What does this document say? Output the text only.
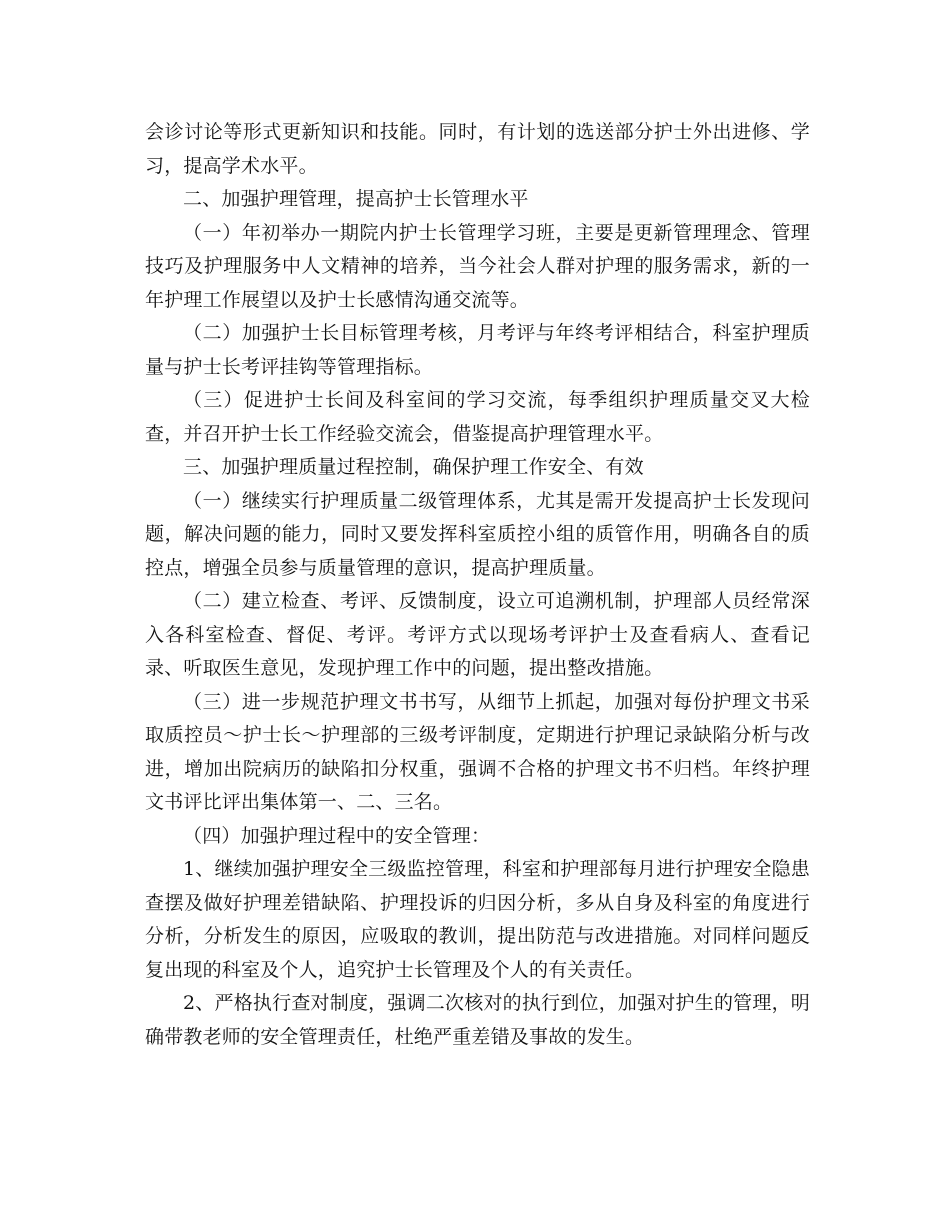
会诊讨论等形式更新知识和技能。同时，有计划的选送部分护士外出进修、学习，提高学术水平。

二、加强护理管理，提高护士长管理水平

（一）年初举办一期院内护士长管理学习班，主要是更新管理理念、管理技巧及护理服务中人文精神的培养，当今社会人群对护理的服务需求，新的一年护理工作展望以及护士长感情沟通交流等。

（二）加强护士长目标管理考核，月考评与年终考评相结合，科室护理质量与护士长考评挂钩等管理指标。

（三）促进护士长间及科室间的学习交流，每季组织护理质量交叉大检查，并召开护士长工作经验交流会，借鉴提高护理管理水平。

三、加强护理质量过程控制，确保护理工作安全、有效

（一）继续实行护理质量二级管理体系，尤其是需开发提高护士长发现问题，解决问题的能力，同时又要发挥科室质控小组的质管作用，明确各自的质控点，增强全员参与质量管理的意识，提高护理质量。

（二）建立检查、考评、反馈制度，设立可追溯机制，护理部人员经常深入各科室检查、督促、考评。考评方式以现场考评护士及查看病人、查看记录、听取医生意见，发现护理工作中的问题，提出整改措施。

（三）进一步规范护理文书书写，从细节上抓起，加强对每份护理文书采取质控员～护士长～护理部的三级考评制度，定期进行护理记录缺陷分析与改进，增加出院病历的缺陷扣分权重，强调不合格的护理文书不归档。年终护理文书评比评出集体第一、二、三名。

（四）加强护理过程中的安全管理：

1、继续加强护理安全三级监控管理，科室和护理部每月进行护理安全隐患查摆及做好护理差错缺陷、护理投诉的归因分析，多从自身及科室的角度进行分析，分析发生的原因，应吸取的教训，提出防范与改进措施。对同样问题反复出现的科室及个人，追究护士长管理及个人的有关责任。

2、严格执行查对制度，强调二次核对的执行到位，加强对护生的管理，明确带教老师的安全管理责任，杜绝严重差错及事故的发生。
